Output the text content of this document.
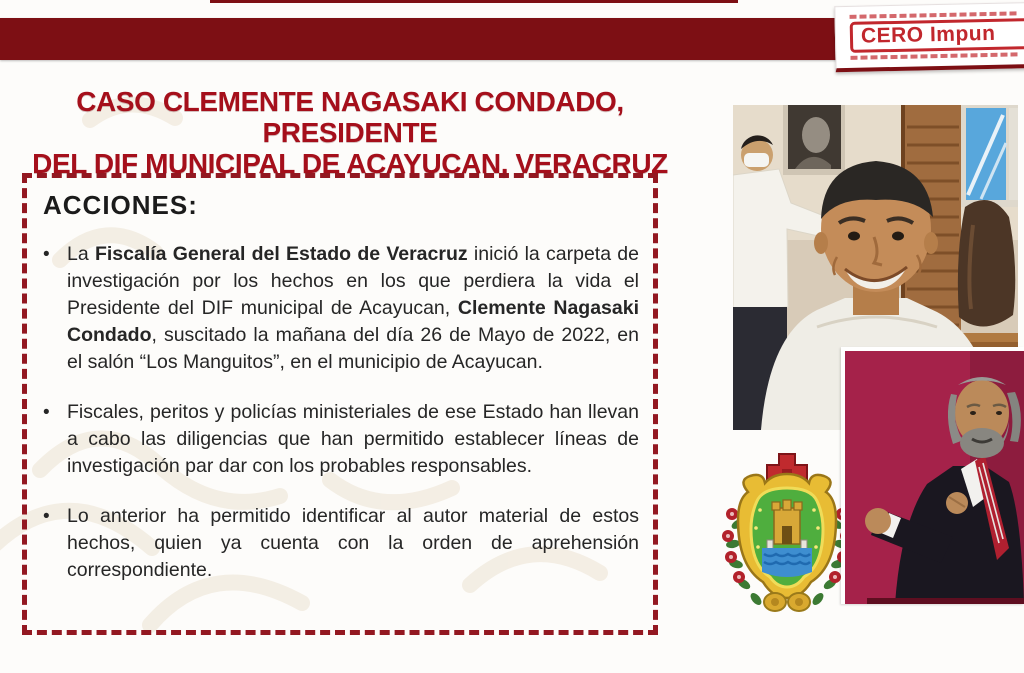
CERO Impun
CASO CLEMENTE NAGASAKI CONDADO, PRESIDENTE
DEL DIF MUNICIPAL DE ACAYUCAN, VERACRUZ
ACCIONES:
• La Fiscalía General del Estado de Veracruz inició la carpeta de investigación por los hechos en los que perdiera la vida el Presidente del DIF municipal de Acayucan, Clemente Nagasaki Condado, suscitado la mañana del día 26 de Mayo de 2022, en el salón “Los Manguitos”, en el municipio de Acayucan.
• Fiscales, peritos y policías ministeriales de ese Estado han llevan a cabo las diligencias que han permitido establecer líneas de investigación par dar con los probables responsables.
• Lo anterior ha permitido identificar al autor material de estos hechos, quien ya cuenta con la orden de aprehensión correspondiente.
